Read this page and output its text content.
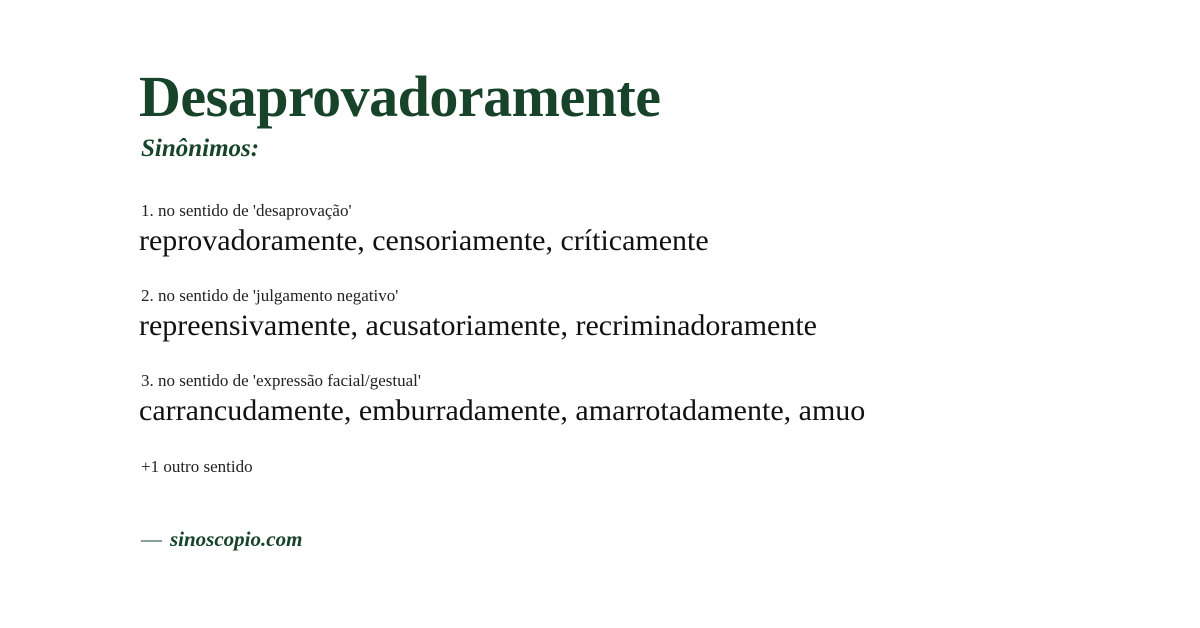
Desaprovadoramente
Sinônimos:
1. no sentido de 'desaprovação'
reprovadoramente, censoriamente, críticamente
2. no sentido de 'julgamento negativo'
repreensivamente, acusatoriamente, recriminadoramente
3. no sentido de 'expressão facial/gestual'
carrancudamente, emburradamente, amarrotadamente, amuo
+1 outro sentido
— sinoscopio.com
